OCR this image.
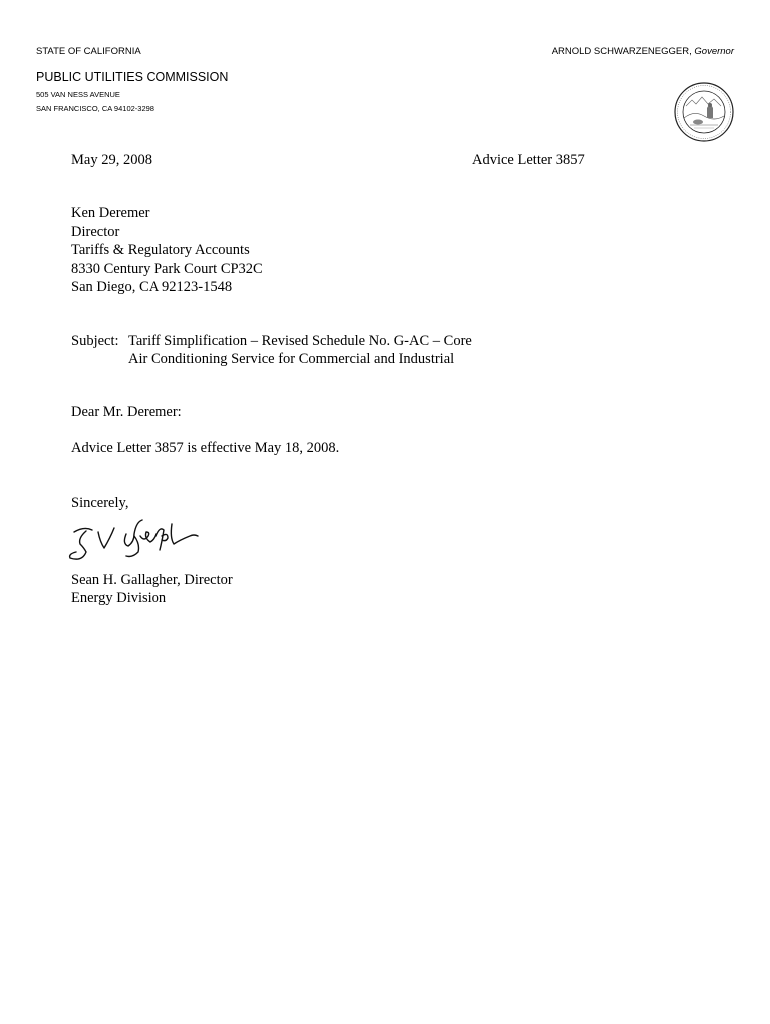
STATE OF CALIFORNIA	ARNOLD SCHWARZENEGGER, Governor
PUBLIC UTILITIES COMMISSION
505 VAN NESS AVENUE
SAN FRANCISCO, CA 94102-3298
May 29, 2008	Advice Letter 3857
Ken Deremer
Director
Tariffs & Regulatory Accounts
8330 Century Park Court CP32C
San Diego, CA 92123-1548
Subject: Tariff Simplification – Revised Schedule No. G-AC – Core
Air Conditioning Service for Commercial and Industrial
Dear Mr. Deremer:
Advice Letter 3857 is effective May 18, 2008.
Sincerely,
Sean H. Gallagher, Director
Energy Division
